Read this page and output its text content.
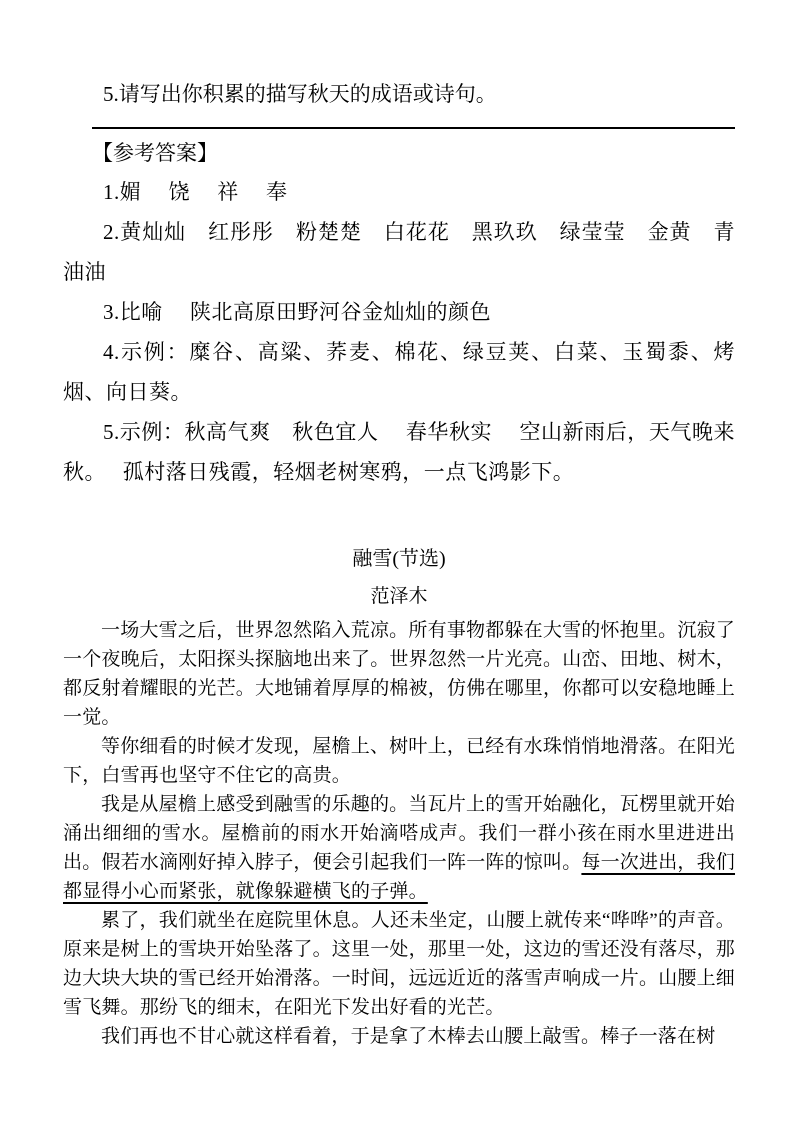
5.请写出你积累的描写秋天的成语或诗句。

【参考答案】

1.媚　 饶　 祥　 奉

2.黄灿灿　红彤彤　粉楚楚　白花花　黑玖玖　绿莹莹　金黄　青油油

3.比喻　 陕北高原田野河谷金灿灿的颜色

4.示例：糜谷、高粱、荞麦、棉花、绿豆荚、白菜、玉蜀黍、烤烟、向日葵。

5.示例：秋高气爽　秋色宜人　 春华秋实　 空山新雨后，天气晚来秋。　 孤村落日残霞，轻烟老树寒鸦，一点飞鸿影下。

融雪(节选)

范泽木

一场大雪之后，世界忽然陷入荒凉。所有事物都躲在大雪的怀抱里。沉寂了一个夜晚后，太阳探头探脑地出来了。世界忽然一片光亮。山峦、田地、树木，都反射着耀眼的光芒。大地铺着厚厚的棉被，仿佛在哪里，你都可以安稳地睡上一觉。

等你细看的时候才发现，屋檐上、树叶上，已经有水珠悄悄地滑落。在阳光下，白雪再也坚守不住它的高贵。

我是从屋檐上感受到融雪的乐趣的。当瓦片上的雪开始融化，瓦楞里就开始涌出细细的雪水。屋檐前的雨水开始滴嗒成声。我们一群小孩在雨水里进进出出。假若水滴刚好掉入脖子，便会引起我们一阵一阵的惊叫。每一次进出，我们都显得小心而紧张，就像躲避横飞的子弹。

累了，我们就坐在庭院里休息。人还未坐定，山腰上就传来“哗哗”的声音。原来是树上的雪块开始坠落了。这里一处，那里一处，这边的雪还没有落尽，那边大块大块的雪已经开始滑落。一时间，远远近近的落雪声响成一片。山腰上细雪飞舞。那纷飞的细末，在阳光下发出好看的光芒。

我们再也不甘心就这样看着，于是拿了木棒去山腰上敲雪。棒子一落在树
